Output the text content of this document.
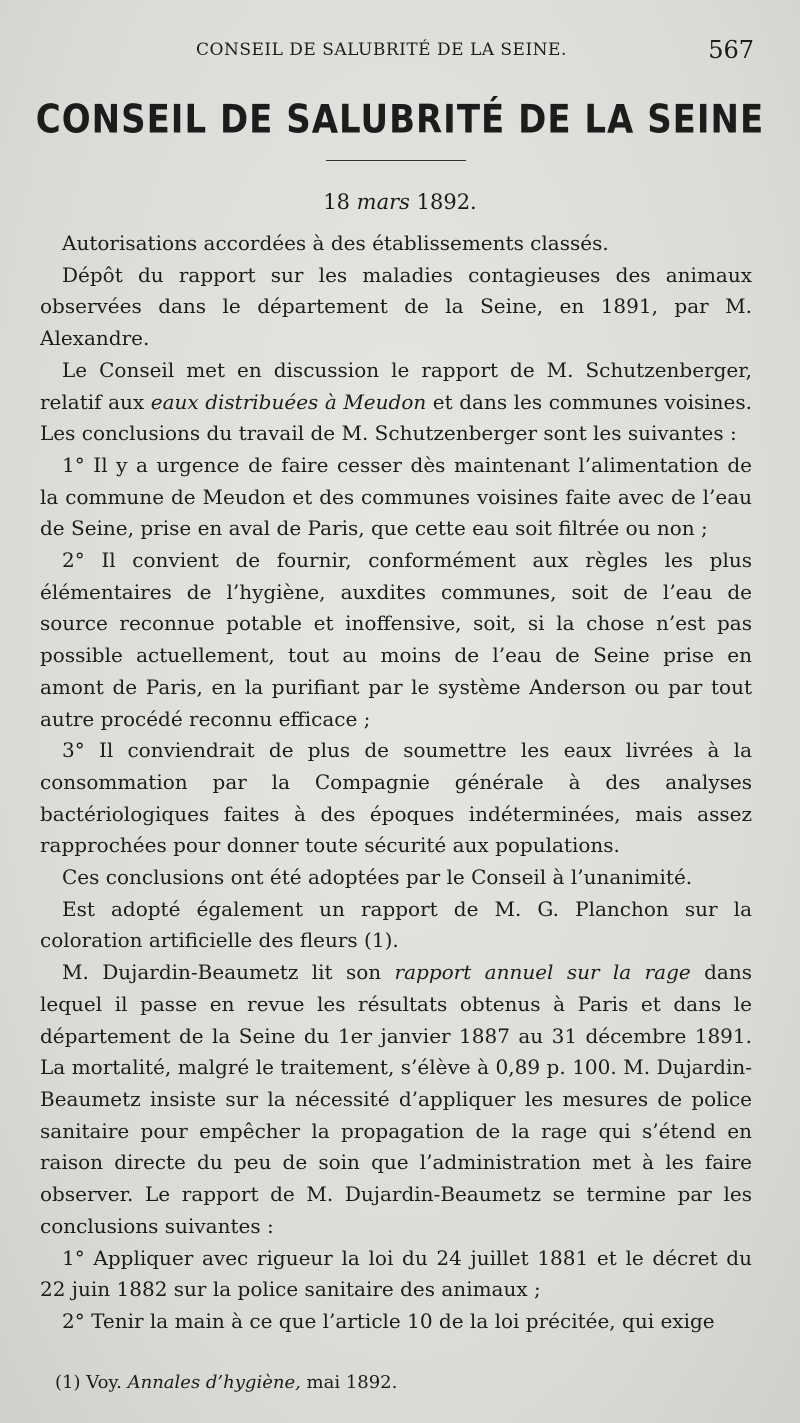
CONSEIL DE SALUBRITÉ DE LA SEINE.	567
CONSEIL DE SALUBRITÉ DE LA SEINE
18 mars 1892.

Autorisations accordées à des établissements classés.

Dépôt du rapport sur les maladies contagieuses des animaux observées dans le département de la Seine, en 1891, par M. Alexandre.

Le Conseil met en discussion le rapport de M. Schutzenberger, relatif aux eaux distribuées à Meudon et dans les communes voisines. Les conclusions du travail de M. Schutzenberger sont les suivantes :

1° Il y a urgence de faire cesser dès maintenant l’alimentation de la commune de Meudon et des communes voisines faite avec de l’eau de Seine, prise en aval de Paris, que cette eau soit filtrée ou non ;

2° Il convient de fournir, conformément aux règles les plus élémentaires de l’hygiène, auxdites communes, soit de l’eau de source reconnue potable et inoffensive, soit, si la chose n’est pas possible actuellement, tout au moins de l’eau de Seine prise en amont de Paris, en la purifiant par le système Anderson ou par tout autre procédé reconnu efficace ;

3° Il conviendrait de plus de soumettre les eaux livrées à la consommation par la Compagnie générale à des analyses bactériologiques faites à des époques indéterminées, mais assez rapprochées pour donner toute sécurité aux populations.

Ces conclusions ont été adoptées par le Conseil à l’unanimité.

Est adopté également un rapport de M. G. Planchon sur la coloration artificielle des fleurs (1).

M. Dujardin-Beaumetz lit son rapport annuel sur la rage dans lequel il passe en revue les résultats obtenus à Paris et dans le département de la Seine du 1er janvier 1887 au 31 décembre 1891. La mortalité, malgré le traitement, s’élève à 0,89 p. 100. M. Dujardin-Beaumetz insiste sur la nécessité d’appliquer les mesures de police sanitaire pour empêcher la propagation de la rage qui s’étend en raison directe du peu de soin que l’administration met à les faire observer. Le rapport de M. Dujardin-Beaumetz se termine par les conclusions suivantes :

1° Appliquer avec rigueur la loi du 24 juillet 1881 et le décret du 22 juin 1882 sur la police sanitaire des animaux ;

2° Tenir la main à ce que l’article 10 de la loi précitée, qui exige

(1) Voy. Annales d’hygiène, mai 1892.
